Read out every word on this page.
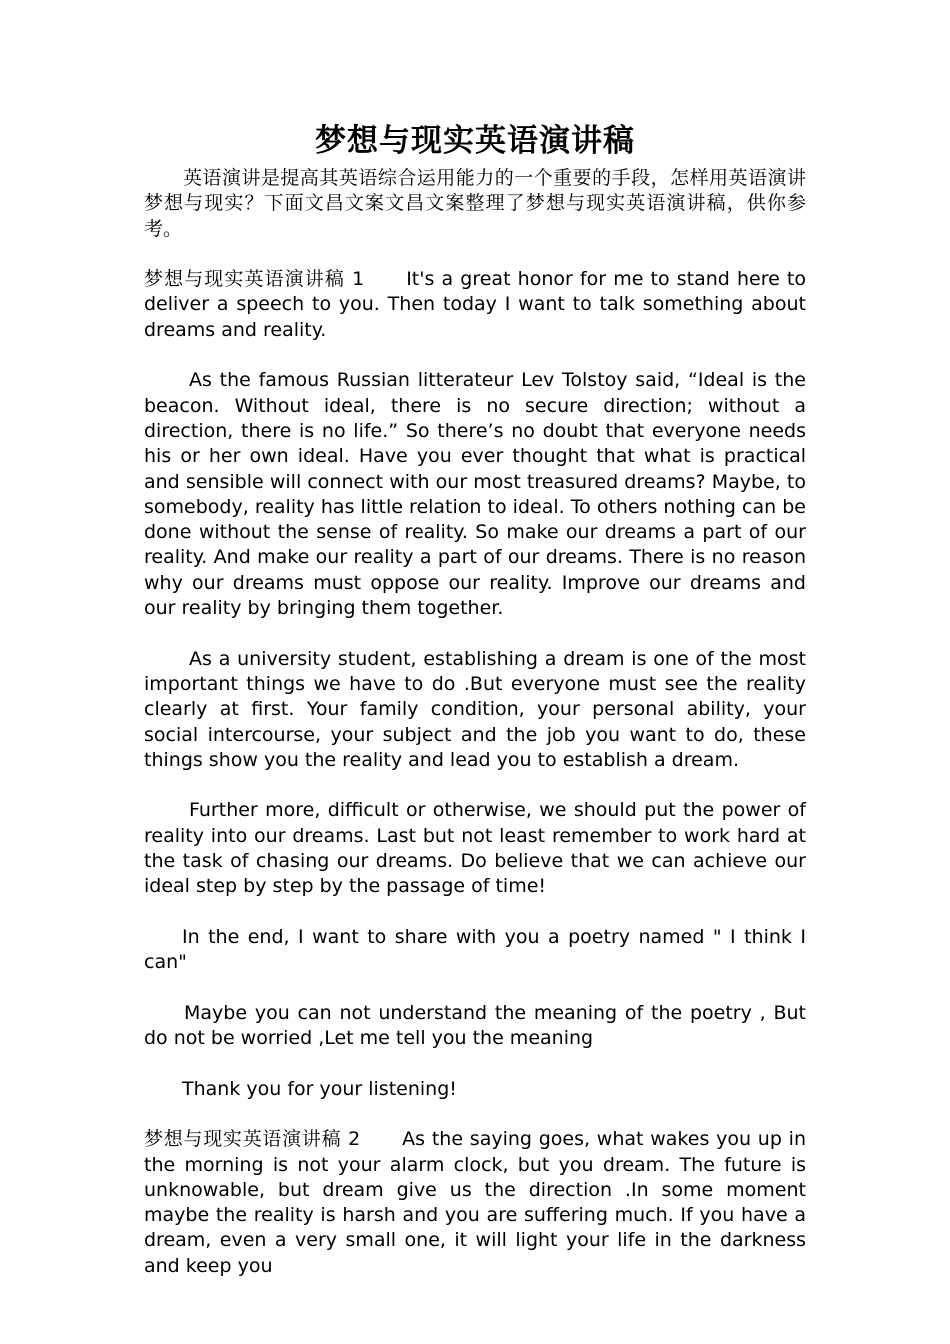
梦想与现实英语演讲稿

英语演讲是提高其英语综合运用能力的一个重要的手段，怎样用英语演讲梦想与现实？下面文昌文案文昌文案整理了梦想与现实英语演讲稿，供你参考。

梦想与现实英语演讲稿 1 It's a great honor for me to stand here to deliver a speech to you. Then today I want to talk something about dreams and reality.

As the famous Russian litterateur Lev Tolstoy said, “Ideal is the beacon. Without ideal, there is no secure direction; without a direction, there is no life.” So there’s no doubt that everyone needs his or her own ideal. Have you ever thought that what is practical and sensible will connect with our most treasured dreams? Maybe, to somebody, reality has little relation to ideal. To others nothing can be done without the sense of reality. So make our dreams a part of our reality. And make our reality a part of our dreams. There is no reason why our dreams must oppose our reality. Improve our dreams and our reality by bringing them together.

As a university student, establishing a dream is one of the most important things we have to do .But everyone must see the reality clearly at first. Your family condition, your personal ability, your social intercourse, your subject and the job you want to do, these things show you the reality and lead you to establish a dream.

Further more, difficult or otherwise, we should put the power of reality into our dreams. Last but not least remember to work hard at the task of chasing our dreams. Do believe that we can achieve our ideal step by step by the passage of time!

In the end, I want to share with you a poetry named " I think I can"

Maybe you can not understand the meaning of the poetry , But do not be worried ,Let me tell you the meaning

Thank you for your listening!

梦想与现实英语演讲稿 2 As the saying goes, what wakes you up in the morning is not your alarm clock, but you dream. The future is unknowable, but dream give us the direction .In some moment maybe the reality is harsh and you are suffering much. If you have a dream, even a very small one, it will light your life in the darkness and keep you
